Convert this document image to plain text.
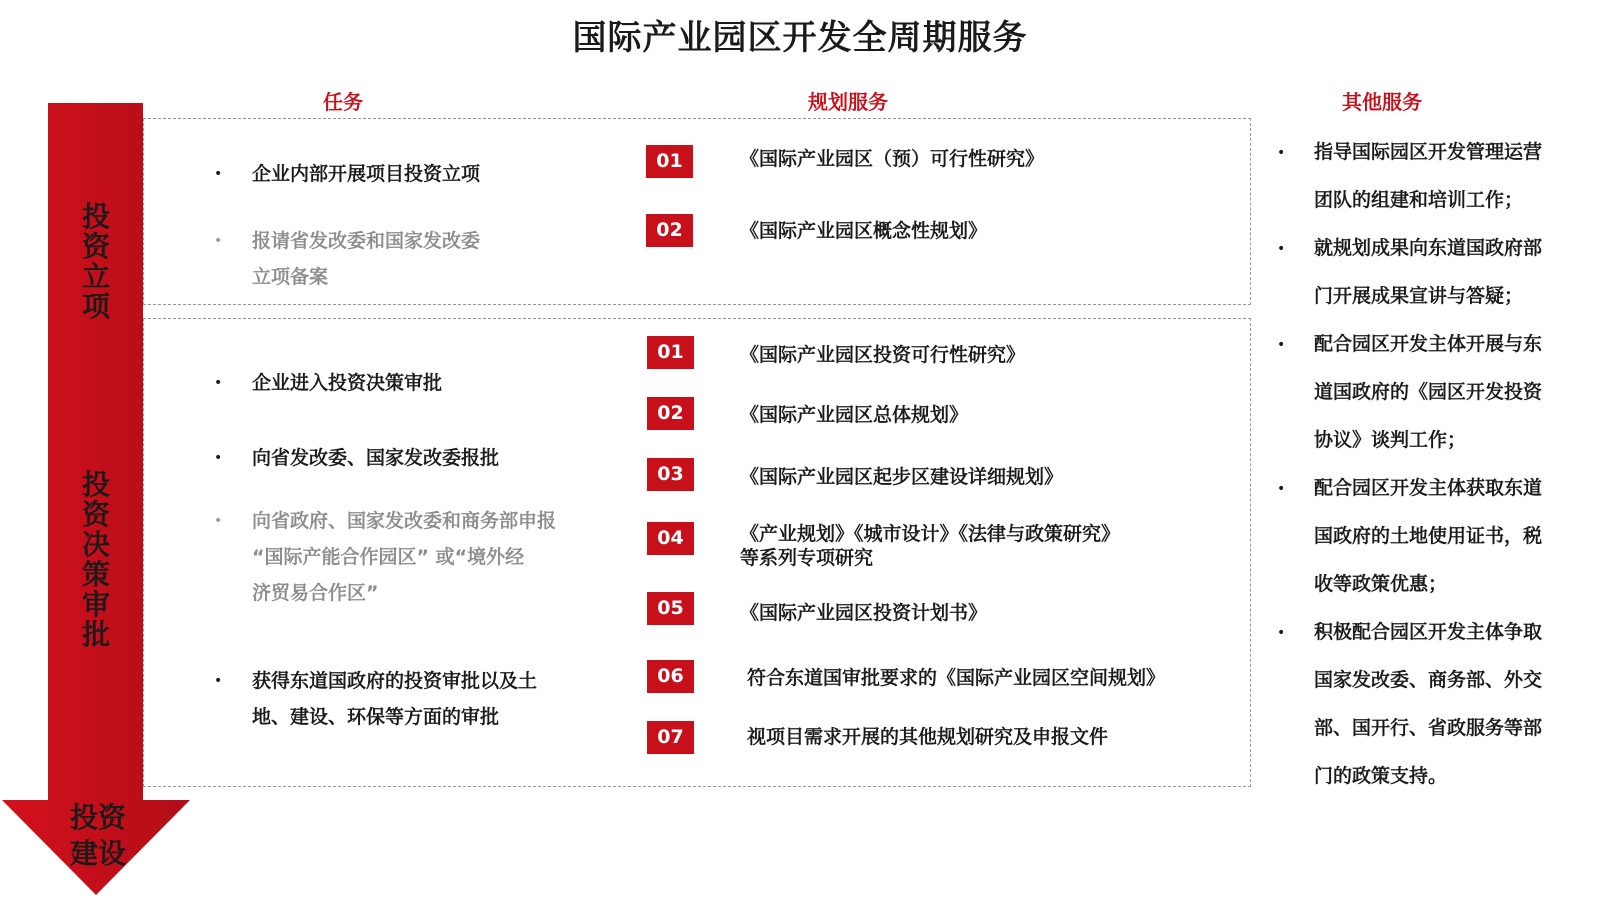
国际产业园区开发全周期服务
任务	规划服务	其他服务
投
资
立
项
投
资
决
策
审
批
投资
建设
• 企业内部开展项目投资立项
• 报请省发改委和国家发改委
立项备案
01	《国际产业园区（预）可行性研究》
02	《国际产业园区概念性规划》
• 企业进入投资决策审批
• 向省发改委、国家发改委报批
• 向省政府、国家发改委和商务部申报
“国际产能合作园区” 或“境外经
济贸易合作区”
• 获得东道国政府的投资审批以及土
地、建设、环保等方面的审批
01	《国际产业园区投资可行性研究》
02	《国际产业园区总体规划》
03	《国际产业园区起步区建设详细规划》
04	《产业规划》《城市设计》《法律与政策研究》
等系列专项研究
05	《国际产业园区投资计划书》
06	符合东道国审批要求的《国际产业园区空间规划》
07	视项目需求开展的其他规划研究及申报文件
• 指导国际园区开发管理运营
团队的组建和培训工作；
• 就规划成果向东道国政府部
门开展成果宣讲与答疑；
• 配合园区开发主体开展与东
道国政府的《园区开发投资
协议》谈判工作；
• 配合园区开发主体获取东道
国政府的土地使用证书，税
收等政策优惠；
• 积极配合园区开发主体争取
国家发改委、商务部、外交
部、国开行、省政服务等部
门的政策支持。
